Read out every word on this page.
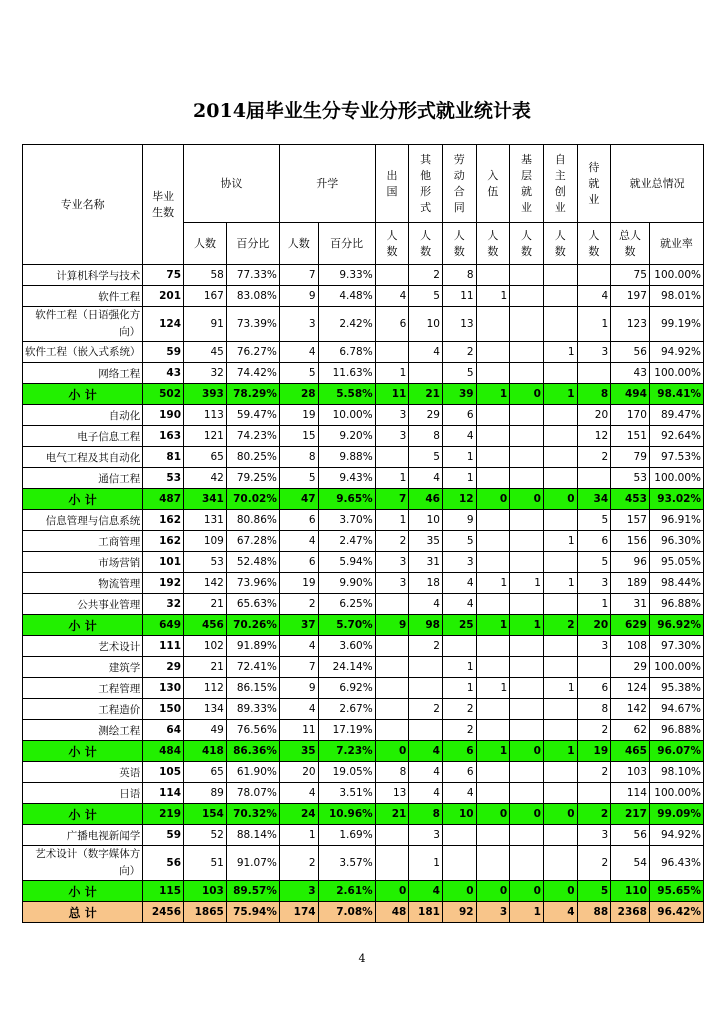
2014届毕业生分专业分形式就业统计表
专业名称	毕业生数	协议		升学		出国	其他形式	劳动合同	入伍	基层就业	自主创业	待就业	就业总情况	
		人数	百分比	人数	百分比	人数	人数	人数	人数	人数	人数	人数	总人数	就业率
计算机科学与技术	75	58	77.33%	7	9.33%		2	8					75	100.00%
软件工程	201	167	83.08%	9	4.48%	4	5	11	1			4	197	98.01%
软件工程（日语强化方向）	124	91	73.39%	3	2.42%	6	10	13				1	123	99.19%
软件工程（嵌入式系统）	59	45	76.27%	4	6.78%		4	2			1	3	56	94.92%
网络工程	43	32	74.42%	5	11.63%	1		5					43	100.00%
小 计	502	393	78.29%	28	5.58%	11	21	39	1	0	1	8	494	98.41%
自动化	190	113	59.47%	19	10.00%	3	29	6				20	170	89.47%
电子信息工程	163	121	74.23%	15	9.20%	3	8	4				12	151	92.64%
电气工程及其自动化	81	65	80.25%	8	9.88%		5	1				2	79	97.53%
通信工程	53	42	79.25%	5	9.43%	1	4	1					53	100.00%
小 计	487	341	70.02%	47	9.65%	7	46	12	0	0	0	34	453	93.02%
信息管理与信息系统	162	131	80.86%	6	3.70%	1	10	9				5	157	96.91%
工商管理	162	109	67.28%	4	2.47%	2	35	5			1	6	156	96.30%
市场营销	101	53	52.48%	6	5.94%	3	31	3				5	96	95.05%
物流管理	192	142	73.96%	19	9.90%	3	18	4	1	1	1	3	189	98.44%
公共事业管理	32	21	65.63%	2	6.25%		4	4				1	31	96.88%
小 计	649	456	70.26%	37	5.70%	9	98	25	1	1	2	20	629	96.92%
艺术设计	111	102	91.89%	4	3.60%		2					3	108	97.30%
建筑学	29	21	72.41%	7	24.14%			1					29	100.00%
工程管理	130	112	86.15%	9	6.92%			1	1		1	6	124	95.38%
工程造价	150	134	89.33%	4	2.67%		2	2				8	142	94.67%
测绘工程	64	49	76.56%	11	17.19%			2				2	62	96.88%
小 计	484	418	86.36%	35	7.23%	0	4	6	1	0	1	19	465	96.07%
英语	105	65	61.90%	20	19.05%	8	4	6				2	103	98.10%
日语	114	89	78.07%	4	3.51%	13	4	4					114	100.00%
小 计	219	154	70.32%	24	10.96%	21	8	10	0	0	0	2	217	99.09%
广播电视新闻学	59	52	88.14%	1	1.69%		3					3	56	94.92%
艺术设计（数字媒体方向）	56	51	91.07%	2	3.57%		1					2	54	96.43%
小 计	115	103	89.57%	3	2.61%	0	4	0	0	0	0	5	110	95.65%
总 计	2456	1865	75.94%	174	7.08%	48	181	92	3	1	4	88	2368	96.42%
4
